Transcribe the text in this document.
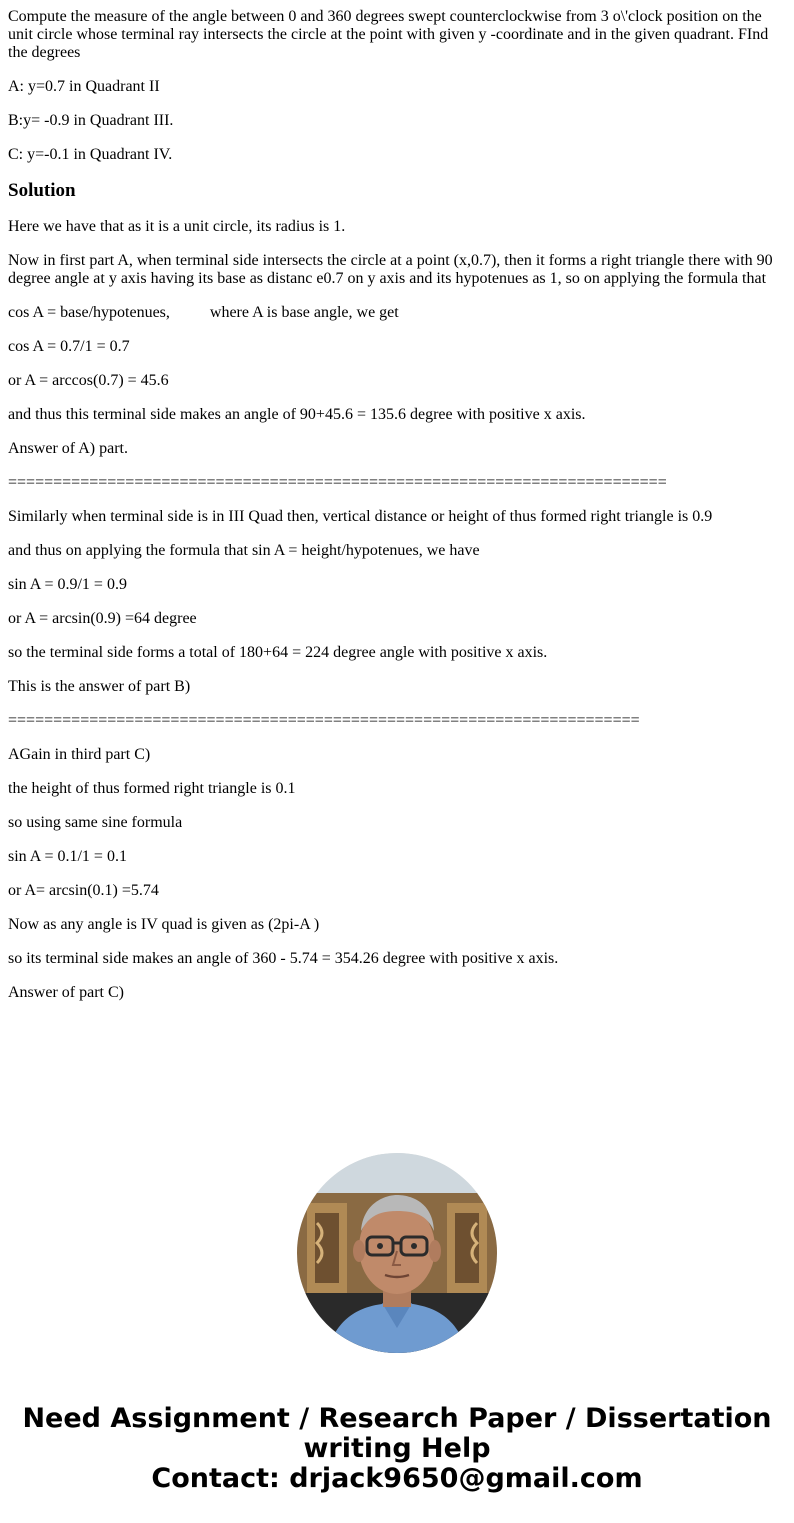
Compute the measure of the angle between 0 and 360 degrees swept counterclockwise from 3 o\'clock position on the unit circle whose terminal ray intersects the circle at the point with given y -coordinate and in the given quadrant. FInd the degrees

A: y=0.7 in Quadrant II

B:y= -0.9 in Quadrant III.

C: y=-0.1 in Quadrant IV.

Solution

Here we have that as it is a unit circle, its radius is 1.

Now in first part A, when terminal side intersects the circle at a point (x,0.7), then it forms a right triangle there with 90 degree angle at y axis having its base as distanc e0.7 on y axis and its hypotenues as 1, so on applying the formula that

cos A = base/hypotenues,          where A is base angle, we get

cos A = 0.7/1 = 0.7

or A = arccos(0.7) = 45.6

and thus this terminal side makes an angle of 90+45.6 = 135.6 degree with positive x axis.

Answer of A) part.

=========================================================================

Similarly when terminal side is in III Quad then, vertical distance or height of thus formed right triangle is 0.9

and thus on applying the formula that sin A = height/hypotenues, we have

sin A = 0.9/1 = 0.9

or A = arcsin(0.9) =64 degree

so the terminal side forms a total of 180+64 = 224 degree angle with positive x axis.

This is the answer of part B)

======================================================================

AGain in third part C)

the height of thus formed right triangle is 0.1

so using same sine formula

sin A = 0.1/1 = 0.1

or A= arcsin(0.1) =5.74

Now as any angle is IV quad is given as (2pi-A )

so its terminal side makes an angle of 360 - 5.74 = 354.26 degree with positive x axis.

Answer of part C)

Need Assignment / Research Paper / Dissertation
writing Help
Contact: drjack9650@gmail.com
